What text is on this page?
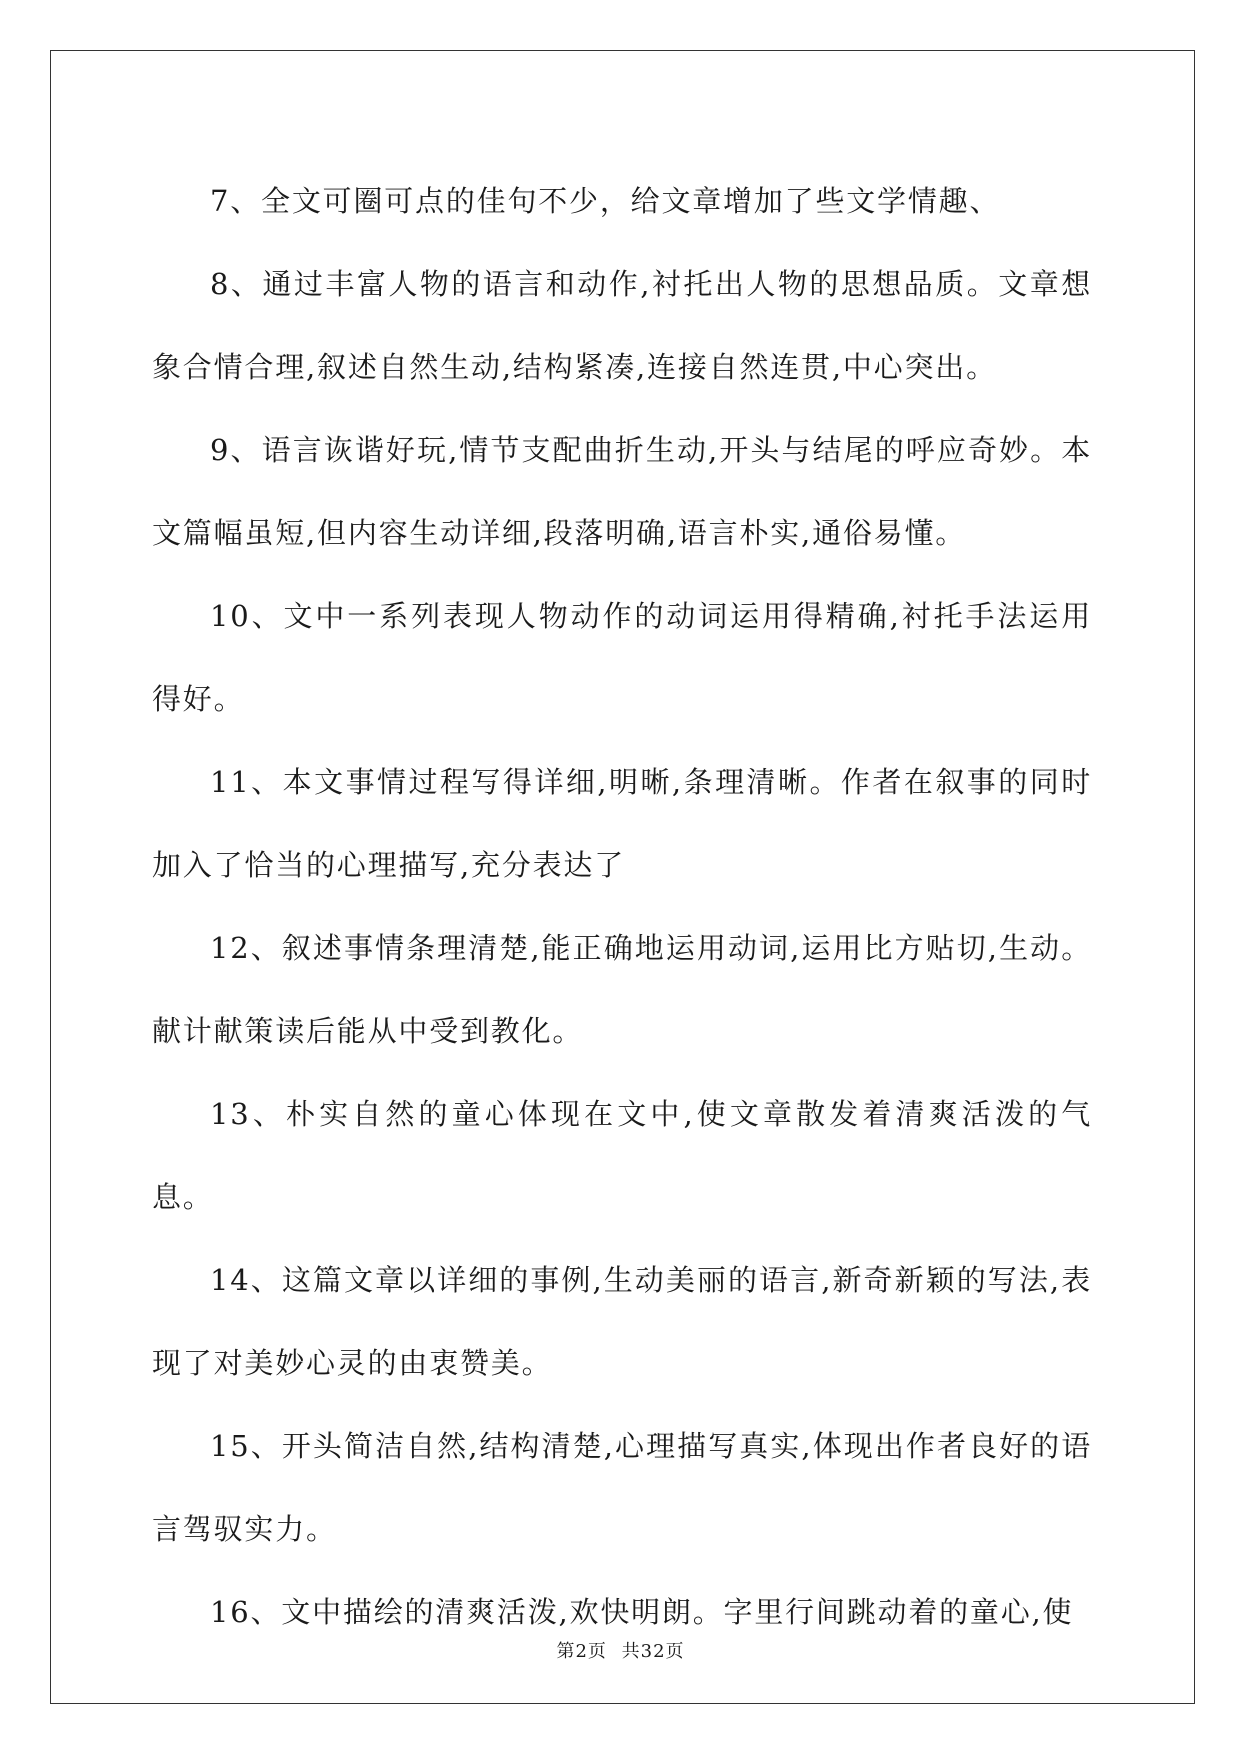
7、全文可圈可点的佳句不少，给文章增加了些文学情趣、

8、通过丰富人物的语言和动作,衬托出人物的思想品质。文章想象合情合理,叙述自然生动,结构紧凑,连接自然连贯,中心突出。

9、语言诙谐好玩,情节支配曲折生动,开头与结尾的呼应奇妙。本文篇幅虽短,但内容生动详细,段落明确,语言朴实,通俗易懂。

10、文中一系列表现人物动作的动词运用得精确,衬托手法运用得好。

11、本文事情过程写得详细,明晰,条理清晰。作者在叙事的同时加入了恰当的心理描写,充分表达了

12、叙述事情条理清楚,能正确地运用动词,运用比方贴切,生动。献计献策读后能从中受到教化。

13、朴实自然的童心体现在文中,使文章散发着清爽活泼的气息。

14、这篇文章以详细的事例,生动美丽的语言,新奇新颖的写法,表现了对美妙心灵的由衷赞美。

15、开头简洁自然,结构清楚,心理描写真实,体现出作者良好的语言驾驭实力。

16、文中描绘的清爽活泼,欢快明朗。字里行间跳动着的童心,使

第2页 共32页
